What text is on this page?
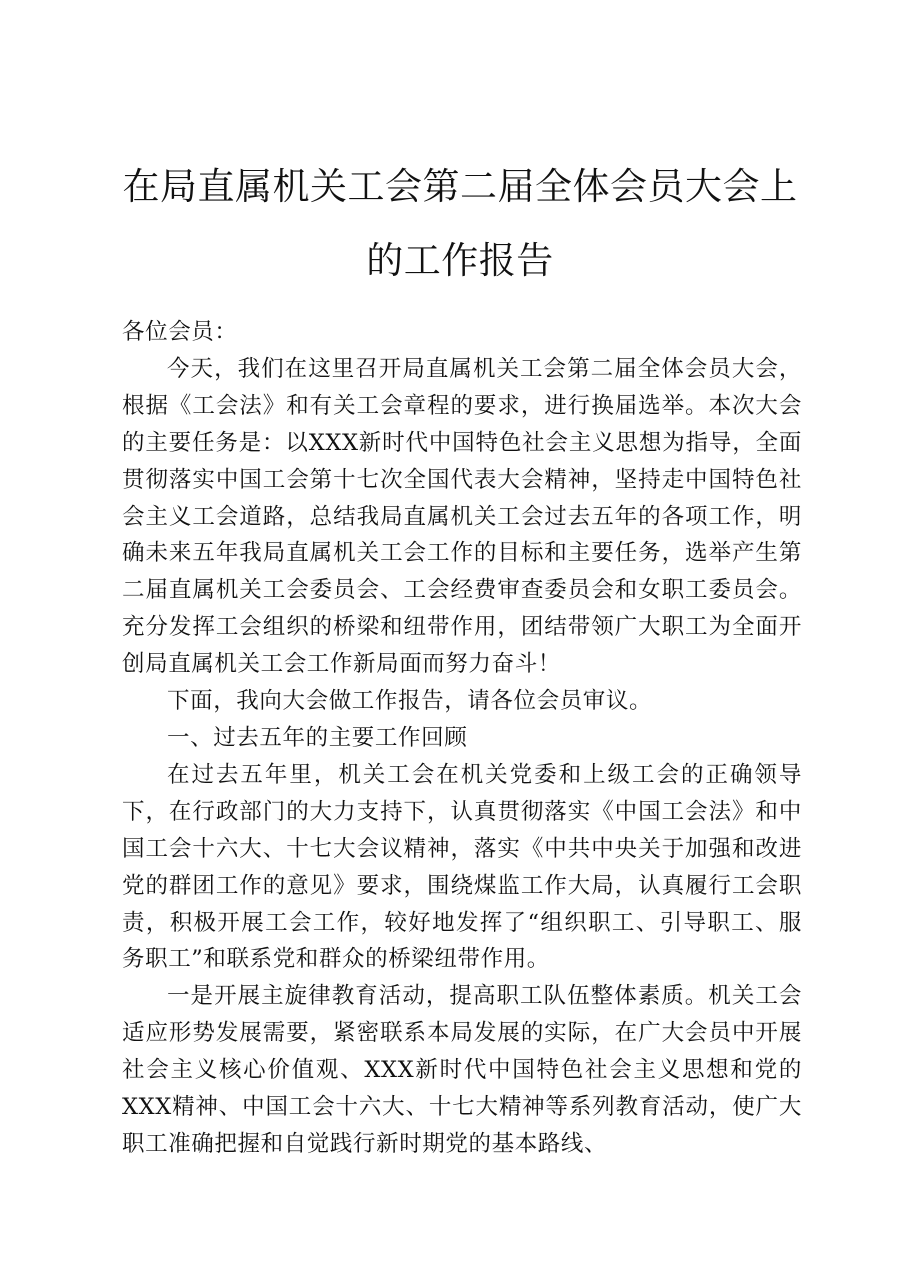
在局直属机关工会第二届全体会员大会上的工作报告

各位会员：

今天，我们在这里召开局直属机关工会第二届全体会员大会，根据《工会法》和有关工会章程的要求，进行换届选举。本次大会的主要任务是：以XXX新时代中国特色社会主义思想为指导，全面贯彻落实中国工会第十七次全国代表大会精神，坚持走中国特色社会主义工会道路，总结我局直属机关工会过去五年的各项工作，明确未来五年我局直属机关工会工作的目标和主要任务，选举产生第二届直属机关工会委员会、工会经费审查委员会和女职工委员会。充分发挥工会组织的桥梁和纽带作用，团结带领广大职工为全面开创局直属机关工会工作新局面而努力奋斗！

下面，我向大会做工作报告，请各位会员审议。

一、过去五年的主要工作回顾

在过去五年里，机关工会在机关党委和上级工会的正确领导下，在行政部门的大力支持下，认真贯彻落实《中国工会法》和中国工会十六大、十七大会议精神，落实《中共中央关于加强和改进党的群团工作的意见》要求，围绕煤监工作大局，认真履行工会职责，积极开展工会工作，较好地发挥了“组织职工、引导职工、服务职工”和联系党和群众的桥梁纽带作用。

一是开展主旋律教育活动，提高职工队伍整体素质。机关工会适应形势发展需要，紧密联系本局发展的实际，在广大会员中开展社会主义核心价值观、XXX新时代中国特色社会主义思想和党的XXX精神、中国工会十六大、十七大精神等系列教育活动，使广大职工准确把握和自觉践行新时期党的基本路线、
